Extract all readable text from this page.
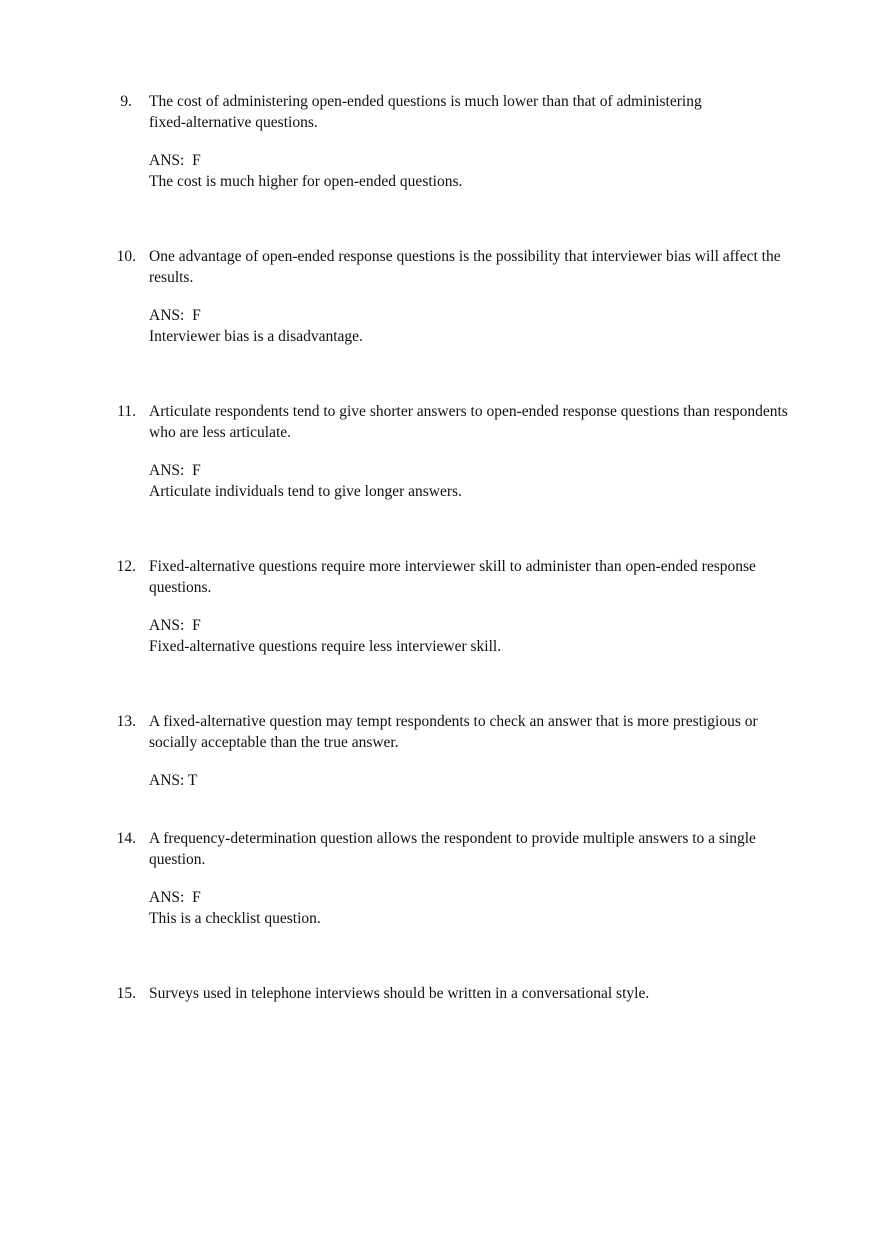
9. The cost of administering open-ended questions is much lower than that of administering fixed-alternative questions.
ANS:  F
The cost is much higher for open-ended questions.
10. One advantage of open-ended response questions is the possibility that interviewer bias will affect the results.
ANS:  F
Interviewer bias is a disadvantage.
11. Articulate respondents tend to give shorter answers to open-ended response questions than respondents who are less articulate.
ANS:  F
Articulate individuals tend to give longer answers.
12. Fixed-alternative questions require more interviewer skill to administer than open-ended response questions.
ANS:  F
Fixed-alternative questions require less interviewer skill.
13. A fixed-alternative question may tempt respondents to check an answer that is more prestigious or socially acceptable than the true answer.
ANS: T
14. A frequency-determination question allows the respondent to provide multiple answers to a single question.
ANS:  F
This is a checklist question.
15. Surveys used in telephone interviews should be written in a conversational style.
